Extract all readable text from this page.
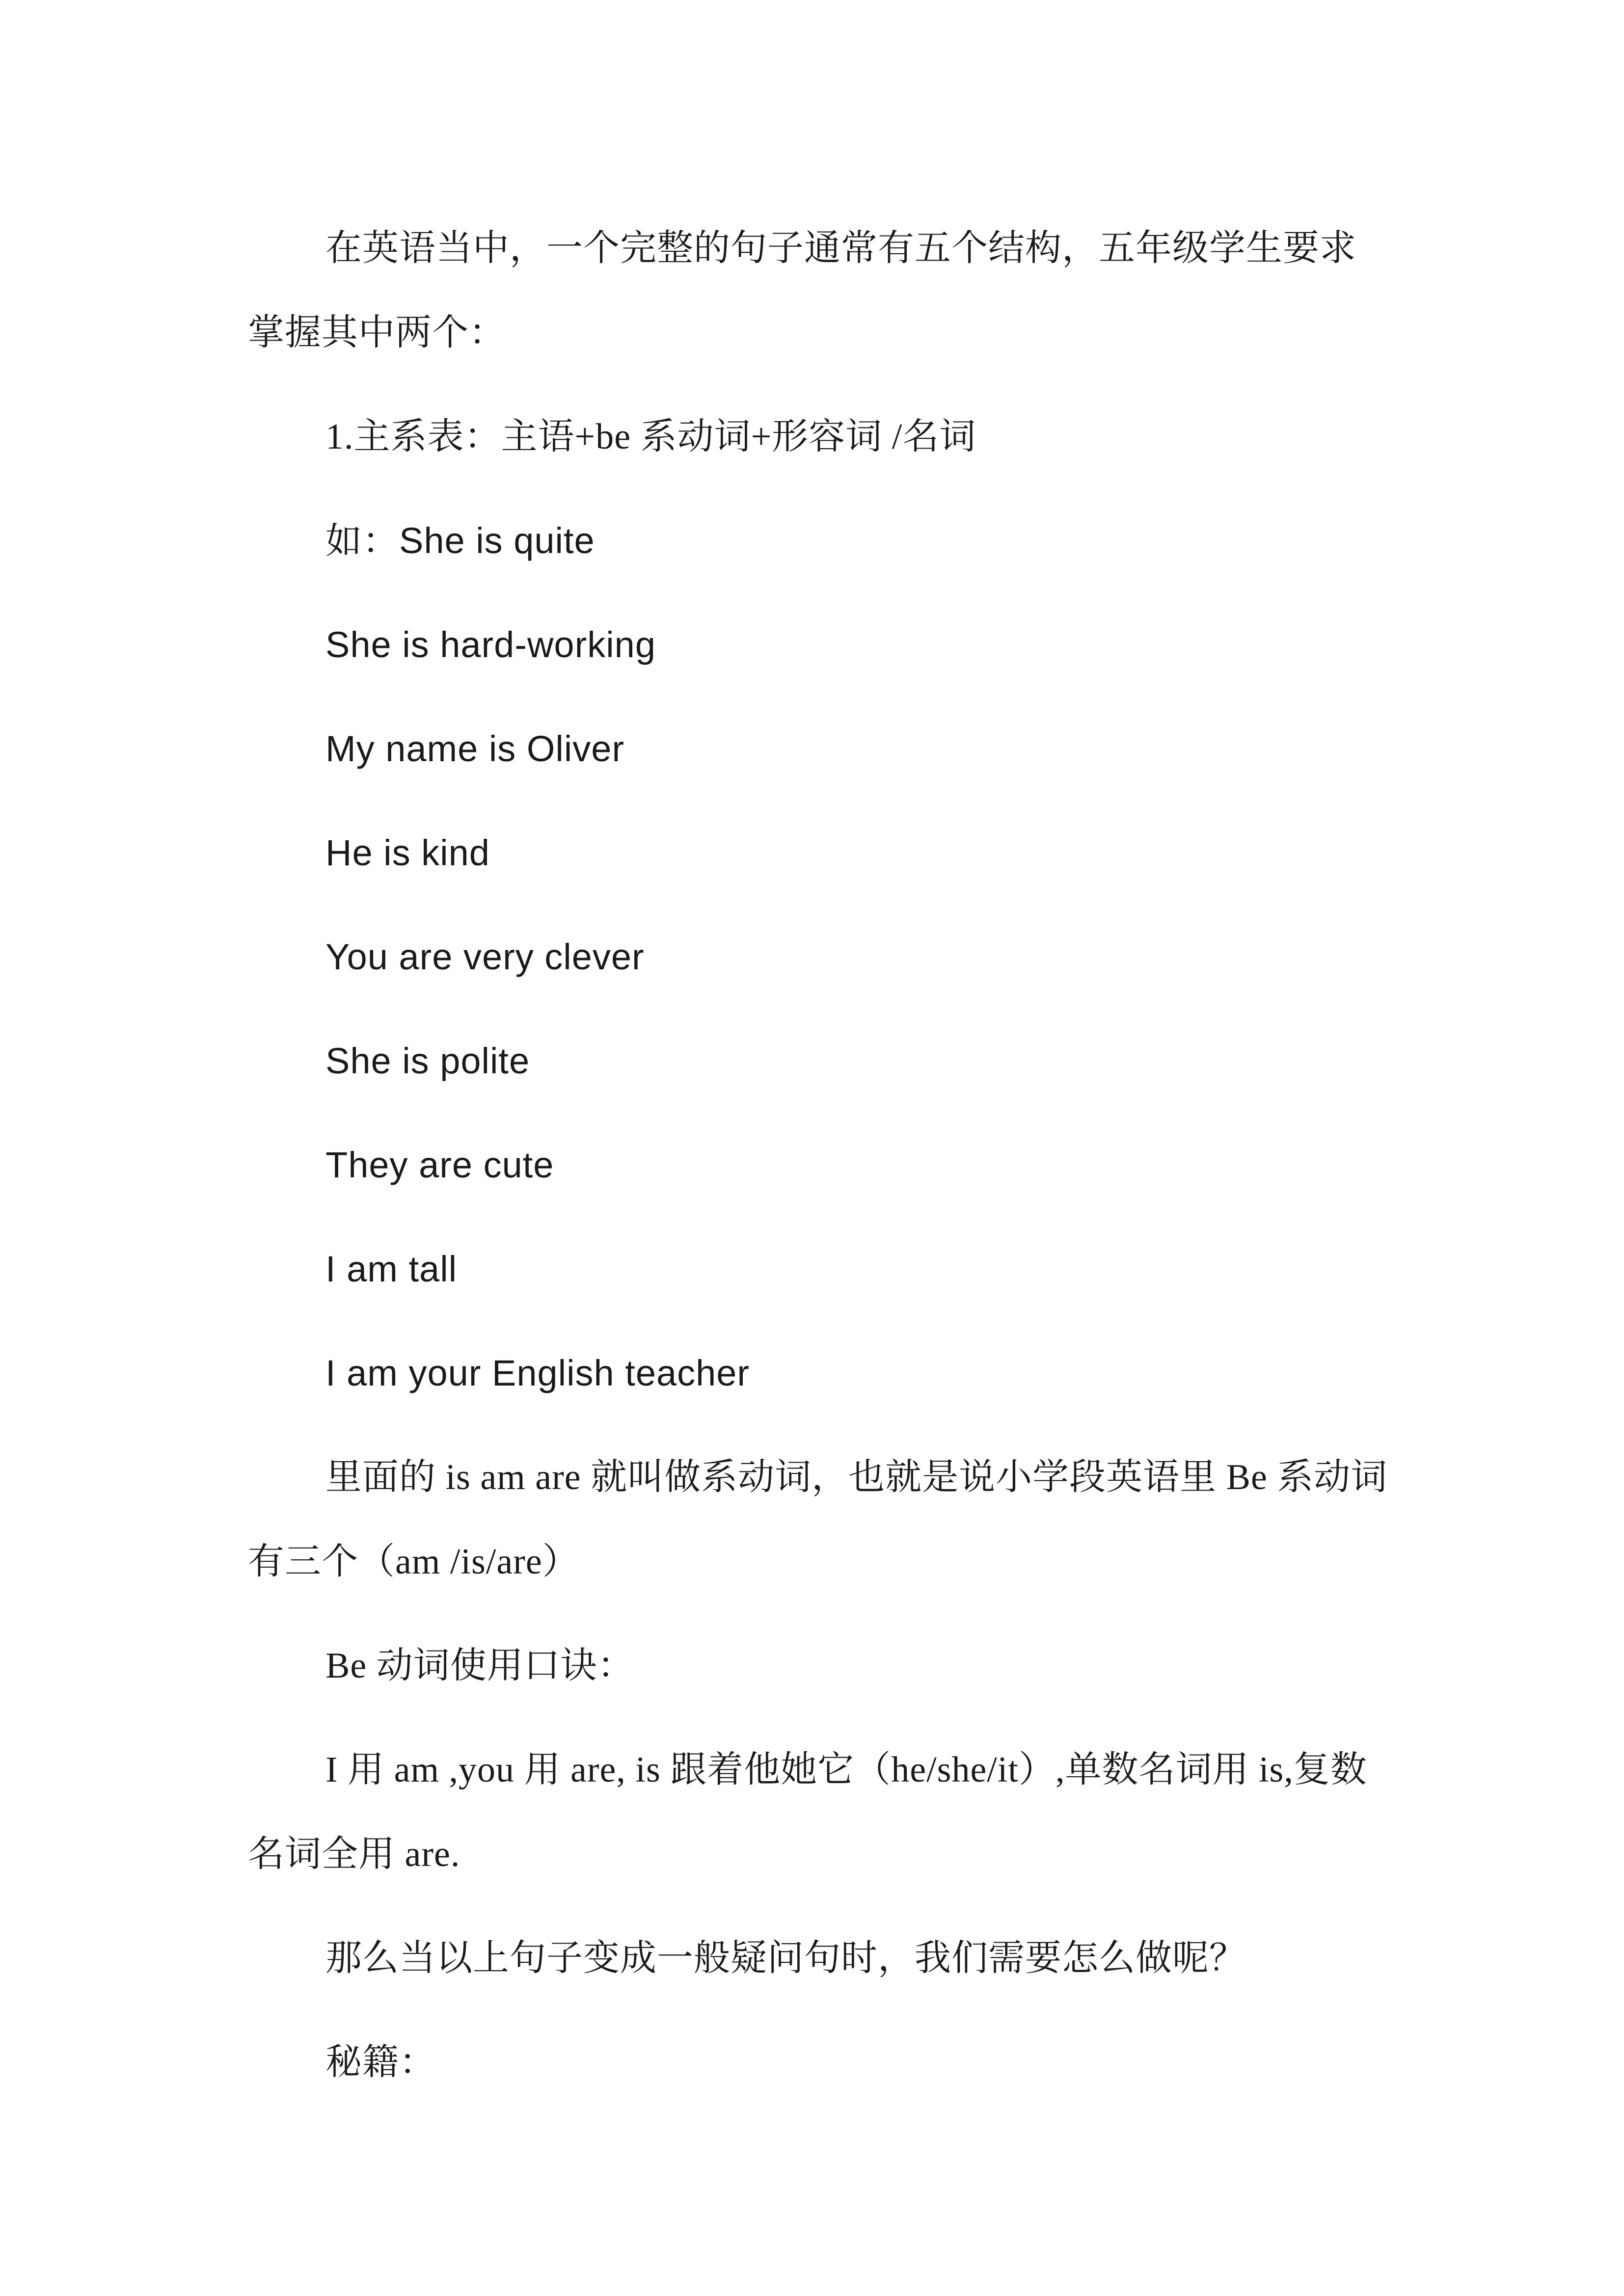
在英语当中，一个完整的句子通常有五个结构，五年级学生要求掌握其中两个：

1.主系表：主语+be 系动词+形容词 /名词

如：She is quite

She is hard-working

My name is Oliver

He is kind

You are very clever

She is polite

They are cute

I am tall

I am your English teacher

里面的 is am are 就叫做系动词，也就是说小学段英语里 Be 系动词有三个（am /is/are）

Be 动词使用口诀：

I 用 am ,you 用 are, is 跟着他她它（he/she/it）,单数名词用 is,复数名词全用 are.

那么当以上句子变成一般疑问句时，我们需要怎么做呢？

秘籍：
